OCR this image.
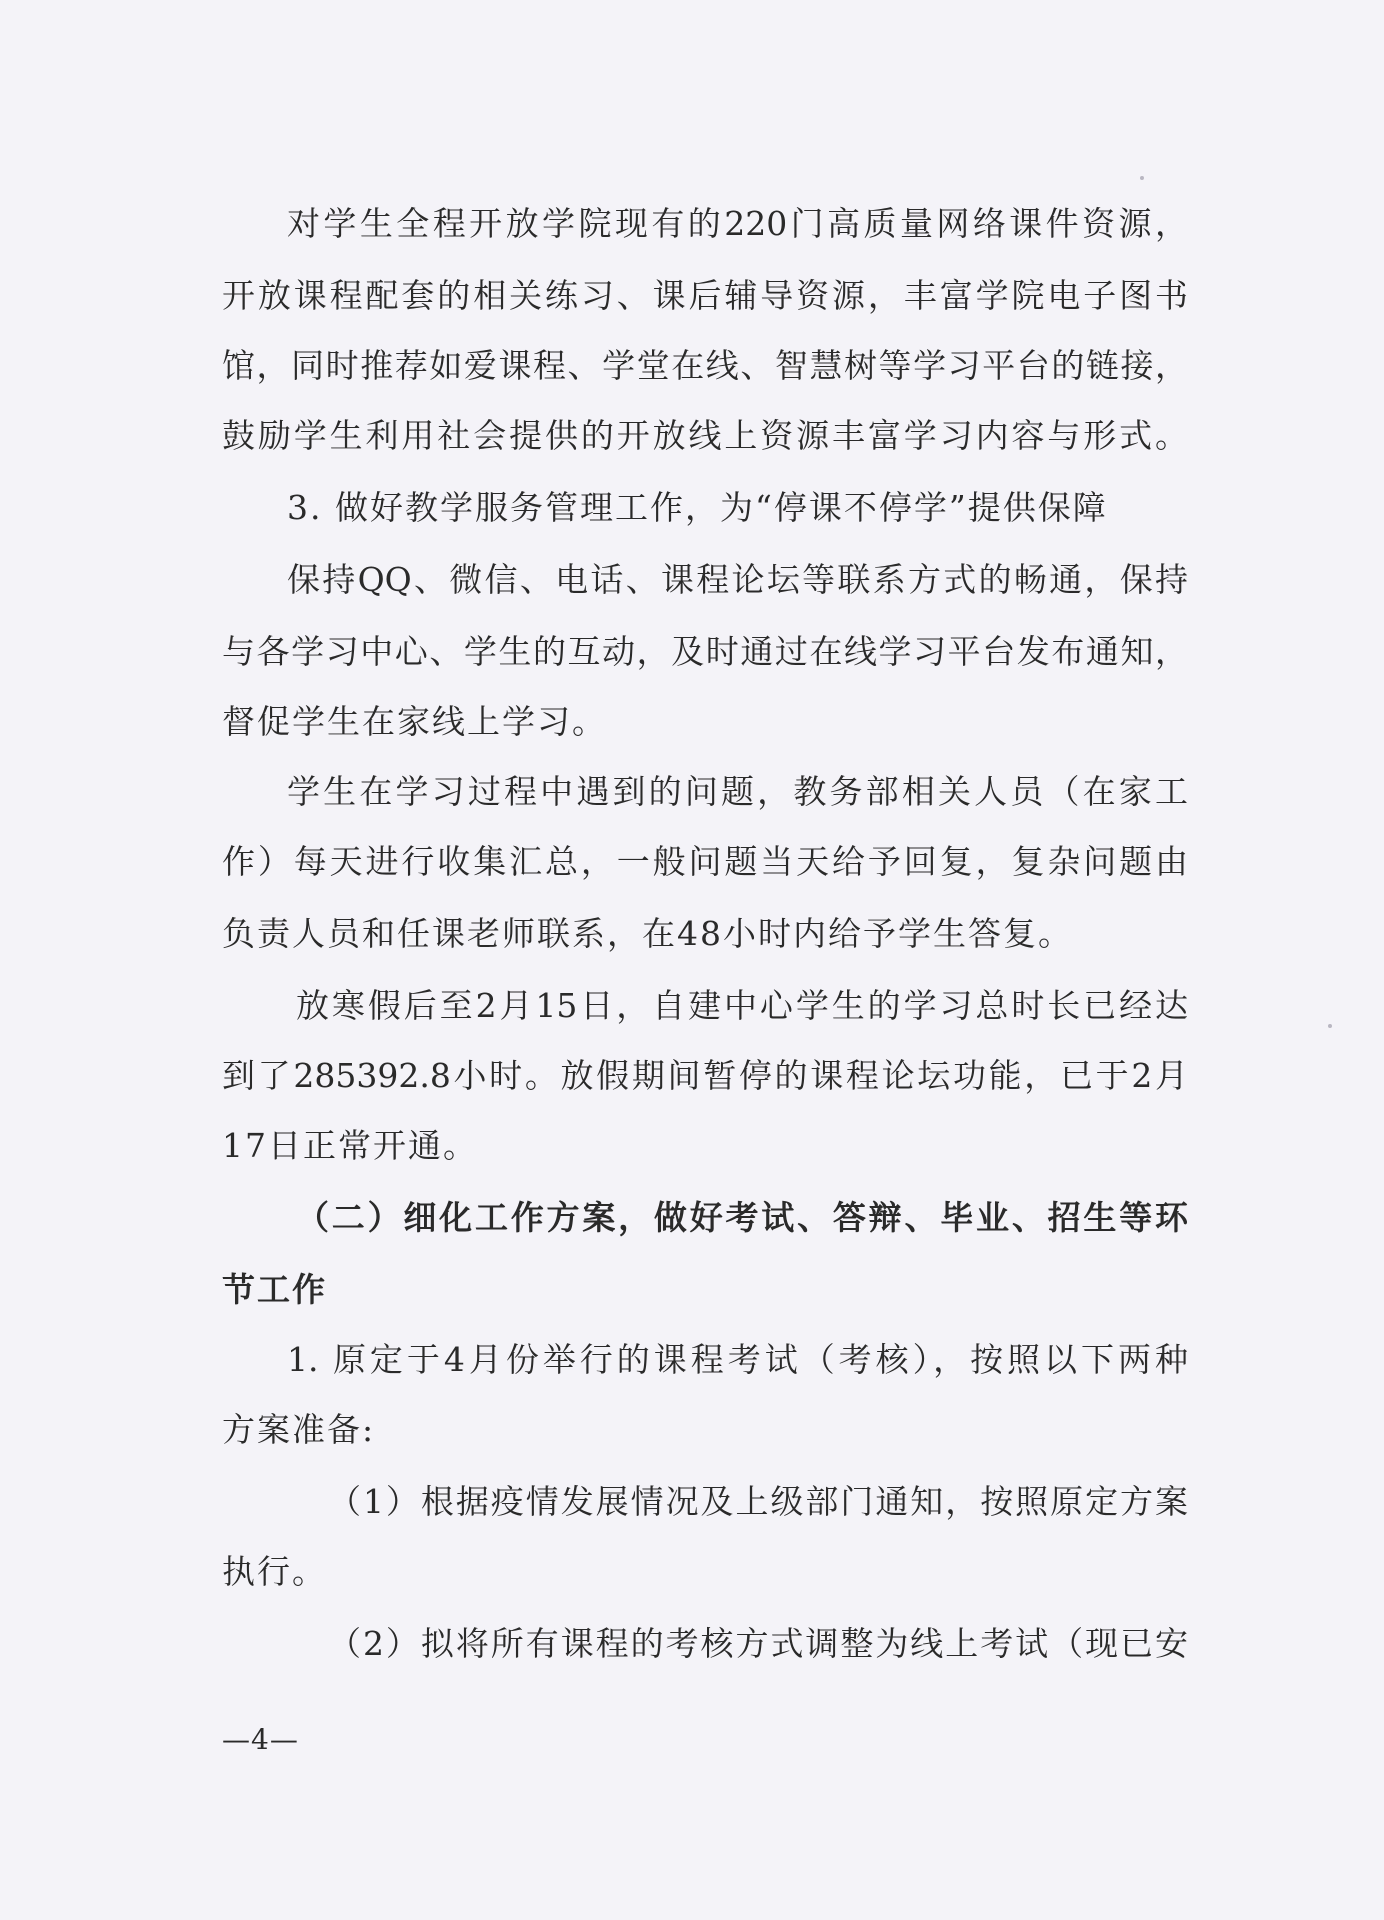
对学生全程开放学院现有的220门高质量网络课件资源，
开放课程配套的相关练习、课后辅导资源，丰富学院电子图书
馆，同时推荐如爱课程、学堂在线、智慧树等学习平台的链接，
鼓励学生利用社会提供的开放线上资源丰富学习内容与形式。
3. 做好教学服务管理工作，为“停课不停学”提供保障
保持QQ、微信、电话、课程论坛等联系方式的畅通，保持
与各学习中心、学生的互动，及时通过在线学习平台发布通知，
督促学生在家线上学习。
学生在学习过程中遇到的问题，教务部相关人员（在家工
作）每天进行收集汇总，一般问题当天给予回复，复杂问题由
负责人员和任课老师联系，在48小时内给予学生答复。
放寒假后至2月15日，自建中心学生的学习总时长已经达
到了285392.8小时。放假期间暂停的课程论坛功能，已于2月
17日正常开通。
（二）细化工作方案，做好考试、答辩、毕业、招生等环
节工作
1. 原定于4月份举行的课程考试（考核），按照以下两种
方案准备:
（1）根据疫情发展情况及上级部门通知，按照原定方案
执行。
（2）拟将所有课程的考核方式调整为线上考试（现已安
—4—
